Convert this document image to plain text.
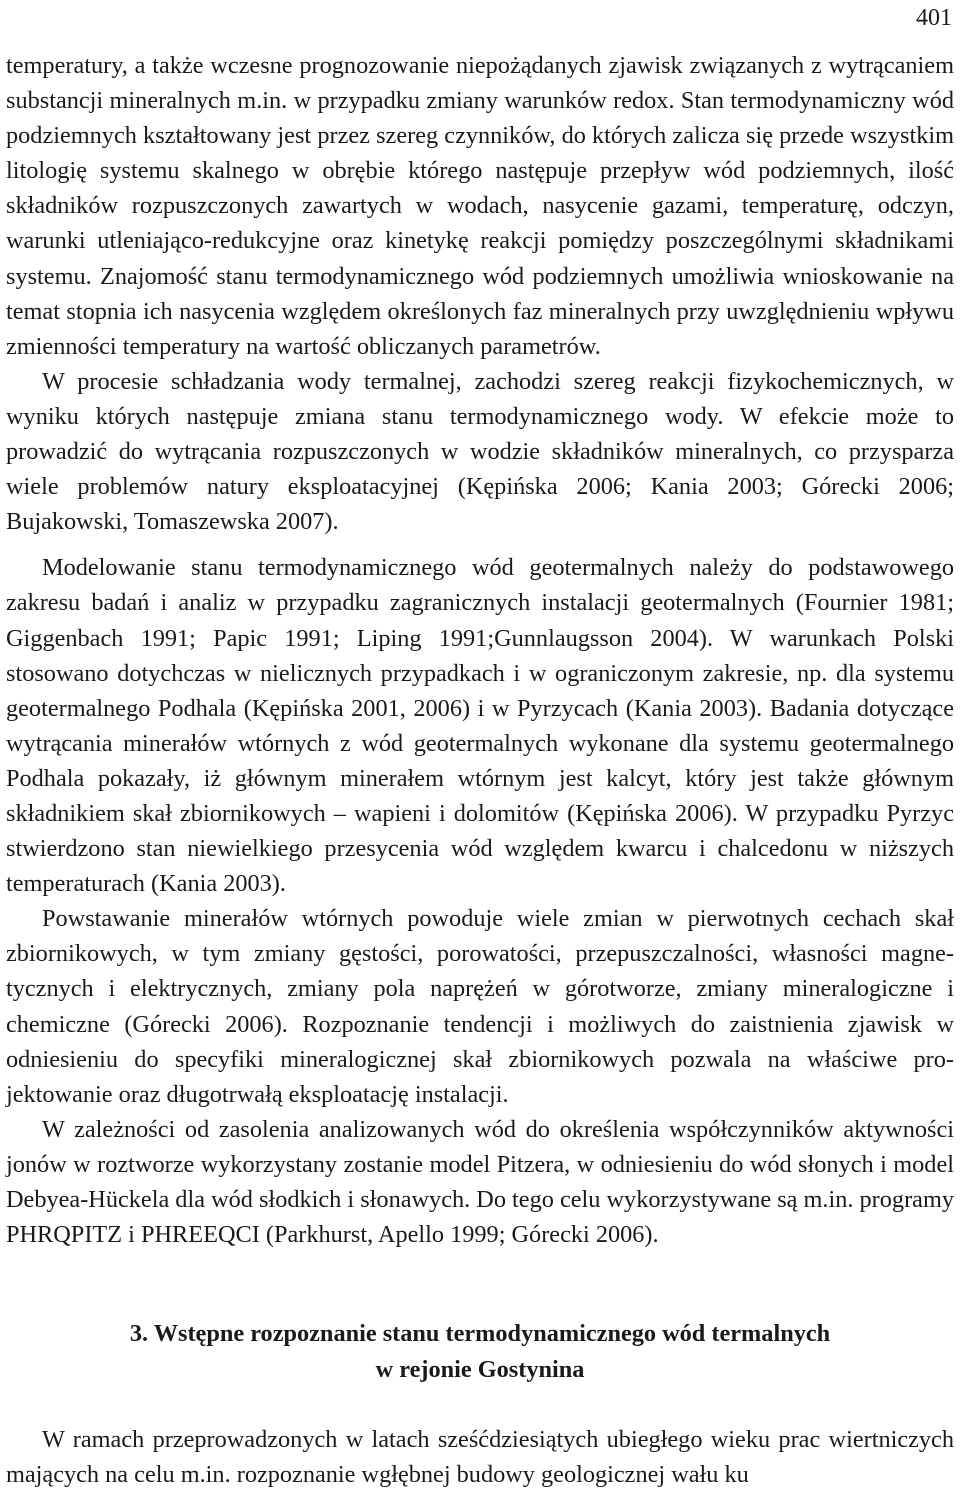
401

temperatury, a także wczesne prognozowanie niepożądanych zjawisk związanych z wytrącaniem substancji mineralnych m.in. w przypadku zmiany warunków redox. Stan termodynamiczny wód podziemnych kształtowany jest przez szereg czynników, do których zalicza się przede wszystkim litologię systemu skalnego w obrębie którego następuje przepływ wód podziemnych, ilość składników rozpuszczonych zawartych w wodach, nasycenie gazami, temperaturę, odczyn, warunki utleniająco-redukcyjne oraz kinetykę reakcji pomiędzy poszczególnymi składnikami systemu. Znajomość stanu termodynamicznego wód podziemnych umożliwia wnioskowanie na temat stopnia ich nasycenia względem określonych faz mineralnych przy uwzględnieniu wpływu zmienności temperatury na wartość obliczanych parametrów.

W procesie schładzania wody termalnej, zachodzi szereg reakcji fizykochemicznych, w wyniku których następuje zmiana stanu termodynamicznego wody. W efekcie może to prowadzić do wytrącania rozpuszczonych w wodzie składników mineralnych, co przysparza wiele problemów natury eksploatacyjnej (Kępińska 2006; Kania 2003; Górecki 2006; Bujakowski, Tomaszewska 2007).

Modelowanie stanu termodynamicznego wód geotermalnych należy do podstawowego zakresu badań i analiz w przypadku zagranicznych instalacji geotermalnych (Fournier 1981; Giggenbach 1991; Papic 1991; Liping 1991;Gunnlaugsson 2004). W warunkach Polski stosowano dotychczas w nielicznych przypadkach i w ograniczonym zakresie, np. dla systemu geotermalnego Podhala (Kępińska 2001, 2006) i w Pyrzycach (Kania 2003). Badania dotyczące wytrącania minerałów wtórnych z wód geotermalnych wykonane dla systemu geotermalnego Podhala pokazały, iż głównym minerałem wtórnym jest kalcyt, który jest także głównym składnikiem skał zbiornikowych – wapieni i dolomitów (Kępińska 2006). W przypadku Pyrzyc stwierdzono stan niewielkiego przesycenia wód względem kwarcu i chalcedonu w niższych temperaturach (Kania 2003).

Powstawanie minerałów wtórnych powoduje wiele zmian w pierwotnych cechach skał zbiornikowych, w tym zmiany gęstości, porowatości, przepuszczalności, własności magnetycznych i elektrycznych, zmiany pola naprężeń w górotworze, zmiany mineralogiczne i chemiczne (Górecki 2006). Rozpoznanie tendencji i możliwych do zaistnienia zjawisk w odniesieniu do specyfiki mineralogicznej skał zbiornikowych pozwala na właściwe projektowanie oraz długotrwałą eksploatację instalacji.

W zależności od zasolenia analizowanych wód do określenia współczynników aktywności jonów w roztworze wykorzystany zostanie model Pitzera, w odniesieniu do wód słonych i model Debyea-Hückela dla wód słodkich i słonawych. Do tego celu wykorzystywane są m.in. programy PHRQPITZ i PHREEQCI (Parkhurst, Apello 1999; Górecki 2006).

3. Wstępne rozpoznanie stanu termodynamicznego wód termalnych
w rejonie Gostynina

W ramach przeprowadzonych w latach sześćdziesiątych ubiegłego wieku prac wiertniczych mających na celu m.in. rozpoznanie wgłębnej budowy geologicznej wału ku
